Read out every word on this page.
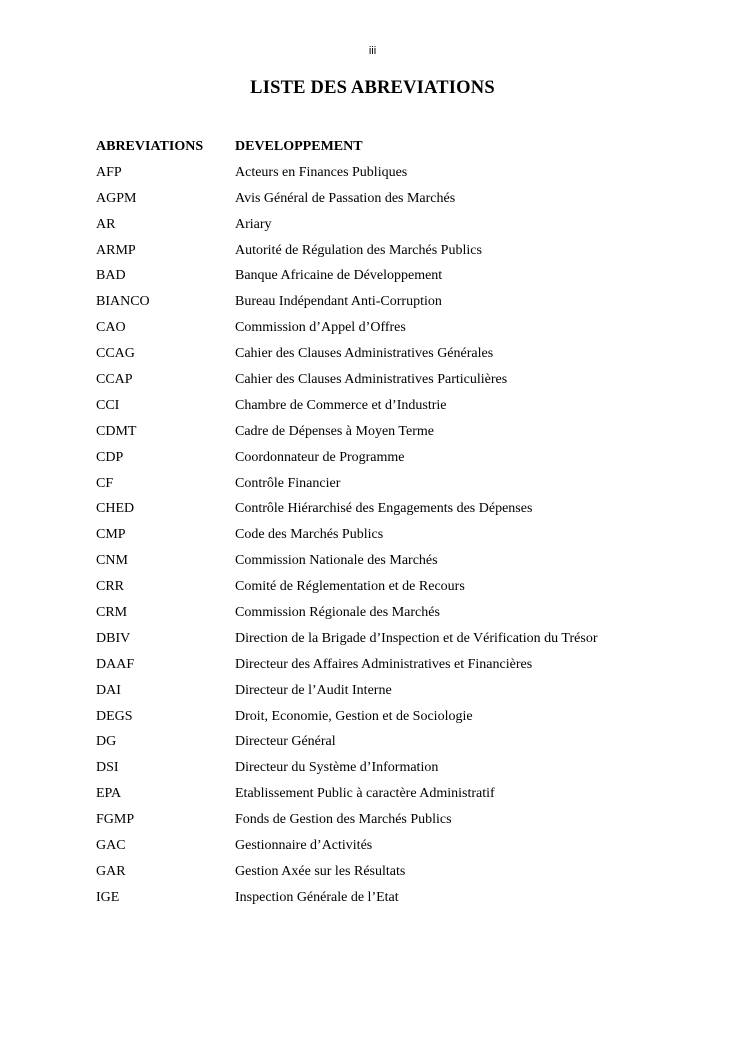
iii
LISTE DES ABREVIATIONS
ABREVIATIONS	DEVELOPPEMENT
AFP	Acteurs en Finances Publiques
AGPM	Avis Général de Passation des Marchés
AR	Ariary
ARMP	Autorité de Régulation des Marchés Publics
BAD	Banque Africaine de Développement
BIANCO	Bureau Indépendant Anti-Corruption
CAO	Commission d’Appel d’Offres
CCAG	Cahier des Clauses Administratives Générales
CCAP	Cahier des Clauses Administratives Particulières
CCI	Chambre de Commerce et d’Industrie
CDMT	Cadre de Dépenses à Moyen Terme
CDP	Coordonnateur de Programme
CF	Contrôle Financier
CHED	Contrôle Hiérarchisé des Engagements des Dépenses
CMP	Code des Marchés Publics
CNM	Commission Nationale des Marchés
CRR	Comité de Réglementation et de Recours
CRM	Commission Régionale des Marchés
DBIV	Direction de la Brigade d’Inspection et de Vérification du Trésor
DAAF	Directeur des Affaires Administratives et Financières
DAI	Directeur de l’Audit Interne
DEGS	Droit, Economie, Gestion et de Sociologie
DG	Directeur Général
DSI	Directeur du Système d’Information
EPA	Etablissement Public à caractère Administratif
FGMP	Fonds de Gestion des Marchés Publics
GAC	Gestionnaire d’Activités
GAR	Gestion Axée sur les Résultats
IGE	Inspection Générale de l’Etat
